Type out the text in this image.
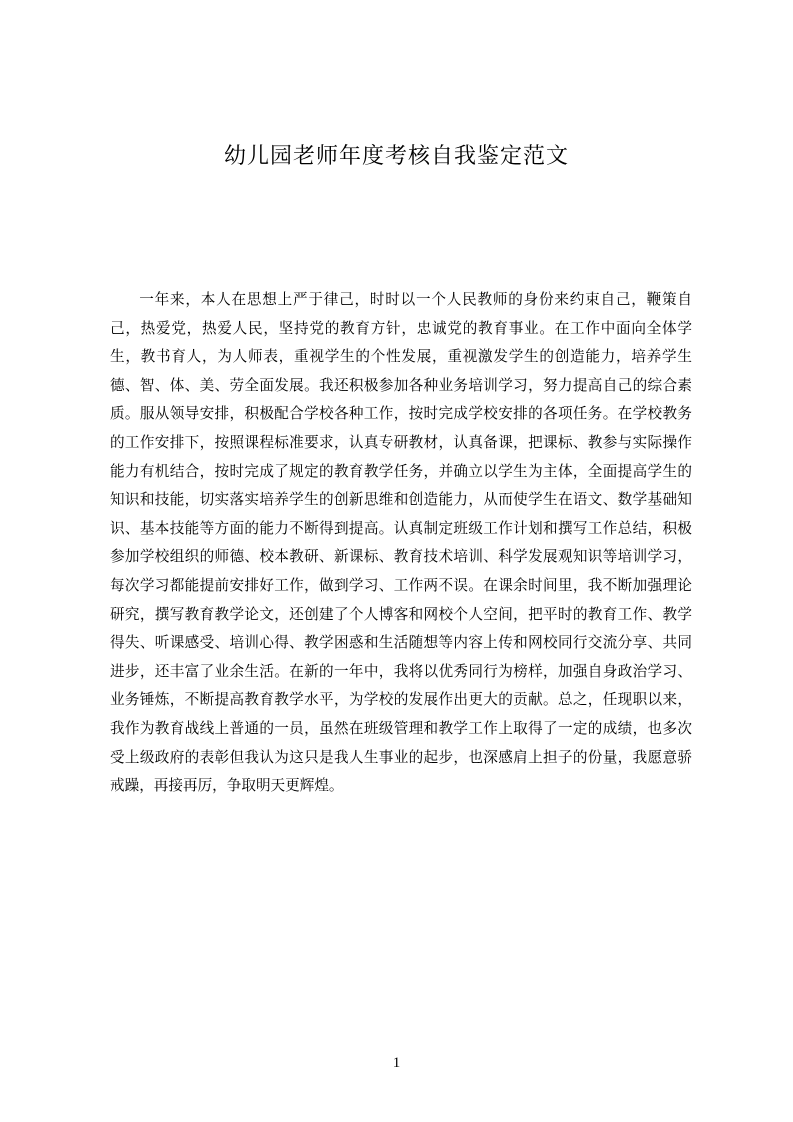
幼儿园老师年度考核自我鉴定范文

一年来，本人在思想上严于律己，时时以一个人民教师的身份来约束自己，鞭策自己，热爱党，热爱人民，坚持党的教育方针，忠诚党的教育事业。在工作中面向全体学生，教书育人，为人师表，重视学生的个性发展，重视激发学生的创造能力，培养学生德、智、体、美、劳全面发展。我还积极参加各种业务培训学习，努力提高自己的综合素质。服从领导安排，积极配合学校各种工作，按时完成学校安排的各项任务。在学校教务的工作安排下，按照课程标准要求，认真专研教材，认真备课，把课标、教参与实际操作能力有机结合，按时完成了规定的教育教学任务，并确立以学生为主体，全面提高学生的知识和技能，切实落实培养学生的创新思维和创造能力，从而使学生在语文、数学基础知识、基本技能等方面的能力不断得到提高。认真制定班级工作计划和撰写工作总结，积极参加学校组织的师德、校本教研、新课标、教育技术培训、科学发展观知识等培训学习，每次学习都能提前安排好工作，做到学习、工作两不误。在课余时间里，我不断加强理论研究，撰写教育教学论文，还创建了个人博客和网校个人空间，把平时的教育工作、教学得失、听课感受、培训心得、教学困惑和生活随想等内容上传和网校同行交流分享、共同进步，还丰富了业余生活。在新的一年中，我将以优秀同行为榜样，加强自身政治学习、业务锤炼，不断提高教育教学水平，为学校的发展作出更大的贡献。总之，任现职以来，我作为教育战线上普通的一员，虽然在班级管理和教学工作上取得了一定的成绩，也多次受上级政府的表彰但我认为这只是我人生事业的起步，也深感肩上担子的份量，我愿意骄戒躁，再接再厉，争取明天更辉煌。

1
